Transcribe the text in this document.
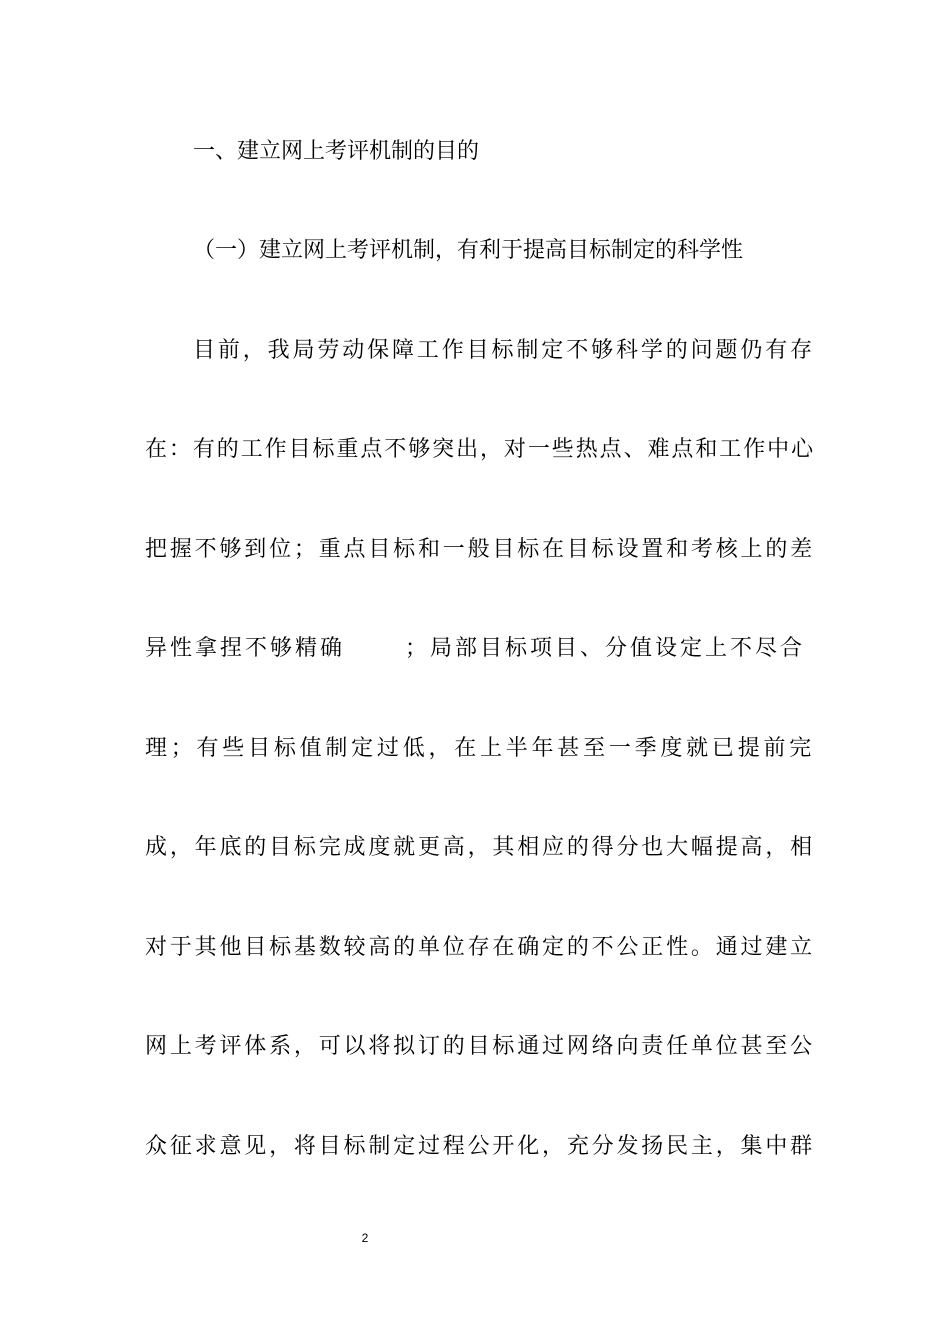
一、建立网上考评机制的目的
（一）建立网上考评机制，有利于提高目标制定的科学性
目前，我局劳动保障工作目标制定不够科学的问题仍有存
在：有的工作目标重点不够突出，对一些热点、难点和工作中心
把握不够到位；重点目标和一般目标在目标设置和考核上的差
异性拿捏不够精确	；局部目标项目、分值设定上不尽合
理；有些目标值制定过低，在上半年甚至一季度就已提前完
成，年底的目标完成度就更高，其相应的得分也大幅提高，相
对于其他目标基数较高的单位存在确定的不公正性。通过建立
网上考评体系，可以将拟订的目标通过网络向责任单位甚至公
众征求意见，将目标制定过程公开化，充分发扬民主，集中群
2
